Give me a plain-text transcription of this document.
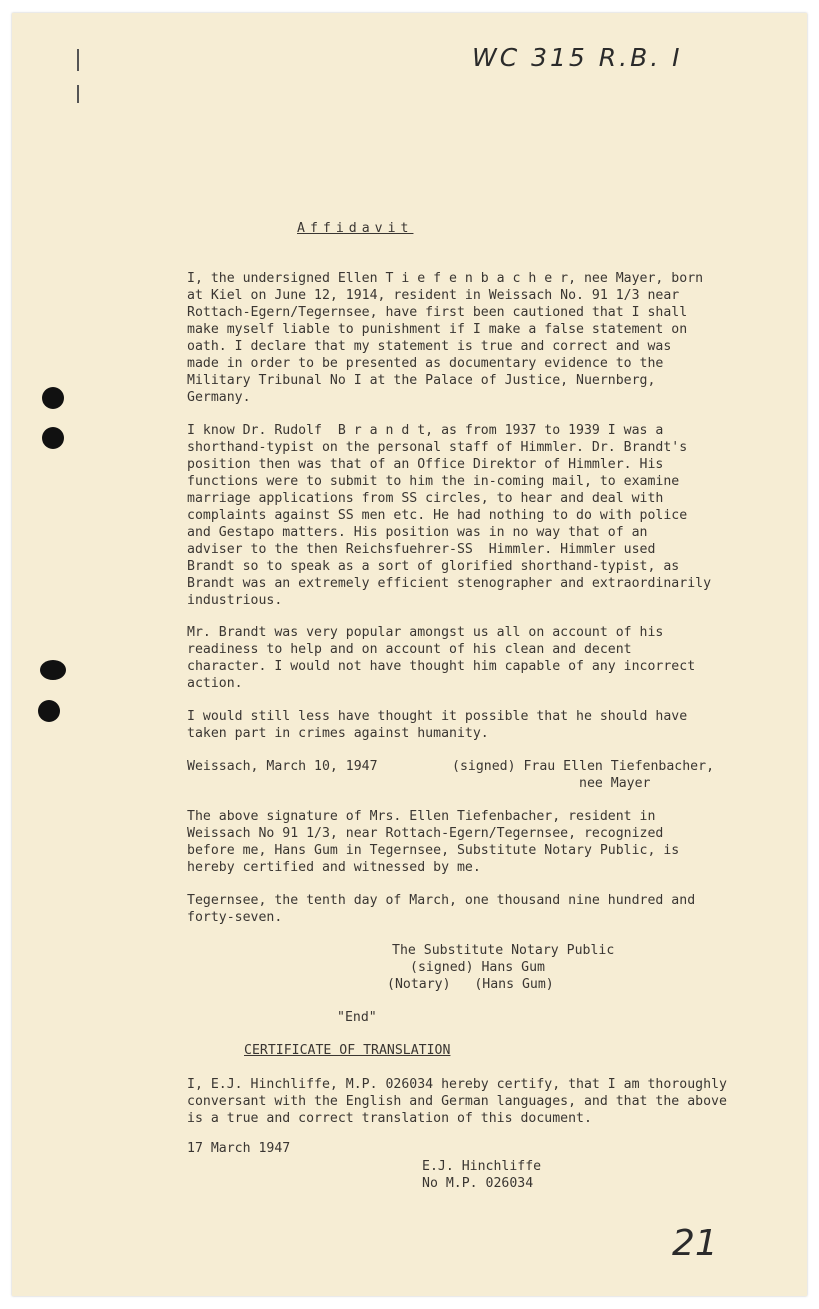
WC 315 R.B. I
Affidavit
I, the undersigned Ellen T i e f e n b a c h e r, nee Mayer, born
at Kiel on June 12, 1914, resident in Weissach No. 91 1/3 near
Rottach-Egern/Tegernsee, have first been cautioned that I shall
make myself liable to punishment if I make a false statement on
oath. I declare that my statement is true and correct and was
made in order to be presented as documentary evidence to the
Military Tribunal No I at the Palace of Justice, Nuernberg,
Germany.
I know Dr. Rudolf  B r a n d t, as from 1937 to 1939 I was a
shorthand-typist on the personal staff of Himmler. Dr. Brandt's
position then was that of an Office Direktor of Himmler. His
functions were to submit to him the in-coming mail, to examine
marriage applications from SS circles, to hear and deal with
complaints against SS men etc. He had nothing to do with police
and Gestapo matters. His position was in no way that of an
adviser to the then Reichsfuehrer-SS  Himmler. Himmler used
Brandt so to speak as a sort of glorified shorthand-typist, as
Brandt was an extremely efficient stenographer and extraordinarily
industrious.
Mr. Brandt was very popular amongst us all on account of his
readiness to help and on account of his clean and decent
character. I would not have thought him capable of any incorrect
action.
I would still less have thought it possible that he should have
taken part in crimes against humanity.
Weissach, March 10, 1947	(signed) Frau Ellen Tiefenbacher,
nee Mayer
The above signature of Mrs. Ellen Tiefenbacher, resident in
Weissach No 91 1/3, near Rottach-Egern/Tegernsee, recognized
before me, Hans Gum in Tegernsee, Substitute Notary Public, is
hereby certified and witnessed by me.
Tegernsee, the tenth day of March, one thousand nine hundred and
forty-seven.
The Substitute Notary Public
(signed) Hans Gum
(Notary)   (Hans Gum)
"End"
CERTIFICATE OF TRANSLATION
I, E.J. Hinchliffe, M.P. 026034 hereby certify, that I am thoroughly
conversant with the English and German languages, and that the above
is a true and correct translation of this document.
17 March 1947
E.J. Hinchliffe
No M.P. 026034
21
